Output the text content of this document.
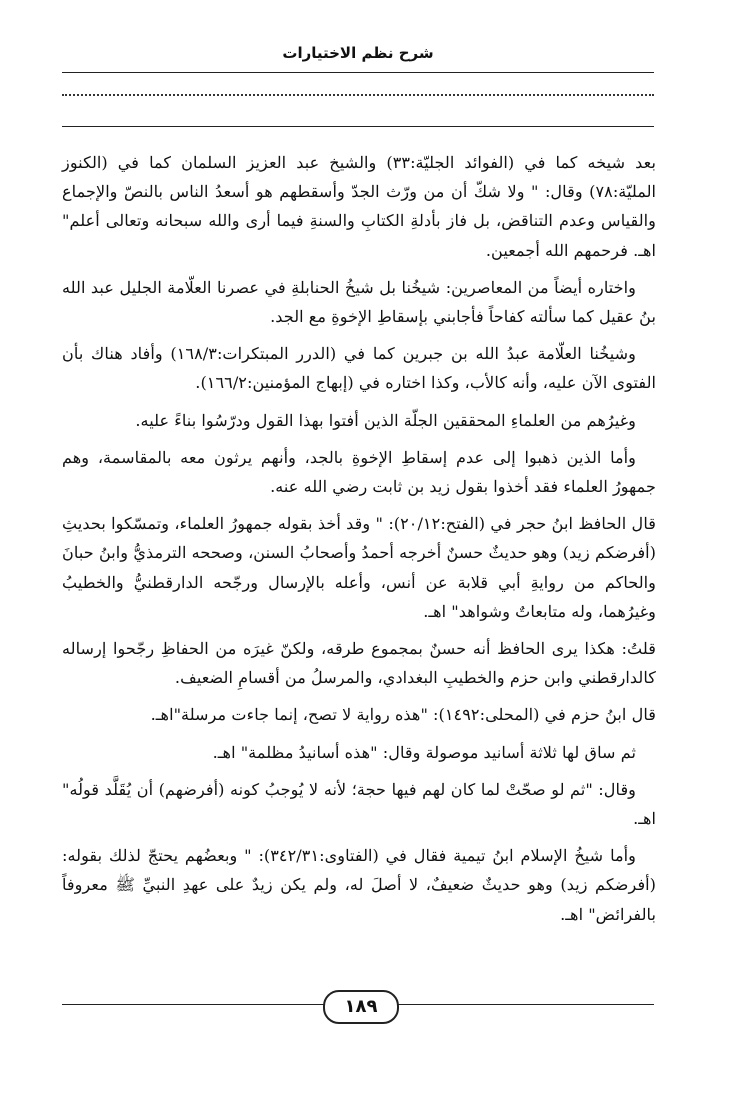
شرح نظم الاختيارات

بعد شيخه كما في (الفوائد الجليّة:٣٣) والشيخ عبد العزيز السلمان كما في (الكنوز المليّة:٧٨) وقال: " ولا شكّ أن من ورّث الجدّ وأسقطهم هو أسعدُ الناس بالنصّ والإجماع والقياس وعدم التناقض، بل فاز بأدلةِ الكتابِ والسنةِ فيما أرى والله سبحانه وتعالى أعلم" اهـ. فرحمهم الله أجمعين.

واختاره أيضاً من المعاصرين: شيخُنا بل شيخُ الحنابلةِ في عصرنا العلّامة الجليل عبد الله بنُ عقيل كما سألته كفاحاً فأجابني بإسقاطِ الإخوةِ مع الجد.

وشيخُنا العلّامة عبدُ الله بن جبرين كما في (الدرر المبتكرات:١٦٨/٣) وأفاد هناك بأن الفتوى الآن عليه، وأنه كالأب، وكذا اختاره في (إبهاج المؤمنين:١٦٦/٢).

وغيرُهم من العلماءِ المحققين الجلّة الذين أفتوا بهذا القول ودرّسُوا بناءً عليه.

وأما الذين ذهبوا إلى عدم إسقاطِ الإخوةِ بالجد، وأنهم يرثون معه بالمقاسمة، وهم جمهورُ العلماء فقد أخذوا بقول زيد بن ثابت رضي الله عنه.

قال الحافظ ابنُ حجر في (الفتح:٢٠/١٢): " وقد أخذ بقوله جمهورُ العلماء، وتمسّكوا بحديثِ (أفرضكم زيد) وهو حديثٌ حسنٌ أخرجه أحمدُ وأصحابُ السنن، وصححه الترمذيُّ وابنُ حبانَ والحاكم من روايةِ أبي قلابة عن أنس، وأعله بالإرسال ورجّحه الدارقطنيُّ والخطيبُ وغيرُهما، وله متابعاتٌ وشواهد" اهـ.

قلتُ: هكذا يرى الحافظ أنه حسنٌ بمجموع طرقه، ولكنّ غيرَه من الحفاظِ رجّحوا إرساله كالدارقطني وابن حزم والخطيبِ البغدادي، والمرسلُ من أقسامِ الضعيف.

قال ابنُ حزم في (المحلى:١٤٩٢): "هذه رواية لا تصح، إنما جاءت مرسلة"اهـ.

ثم ساق لها ثلاثة أسانيد موصولة وقال: "هذه أسانيدُ مظلمة" اهـ.

وقال: "ثم لو صحّتْ لما كان لهم فيها حجة؛ لأنه لا يُوجبُ كونه (أفرضهم) أن يُقَلَّد قولُه" اهـ.

وأما شيخُ الإسلام ابنُ تيمية فقال في (الفتاوى:٣٤٢/٣١): " وبعضُهم يحتجّ لذلك بقوله: (أفرضكم زيد) وهو حديثٌ ضعيفٌ، لا أصلَ له، ولم يكن زيدٌ على عهدِ النبيِّ ﷺ معروفاً بالفرائض" اهـ.

١٨٩
